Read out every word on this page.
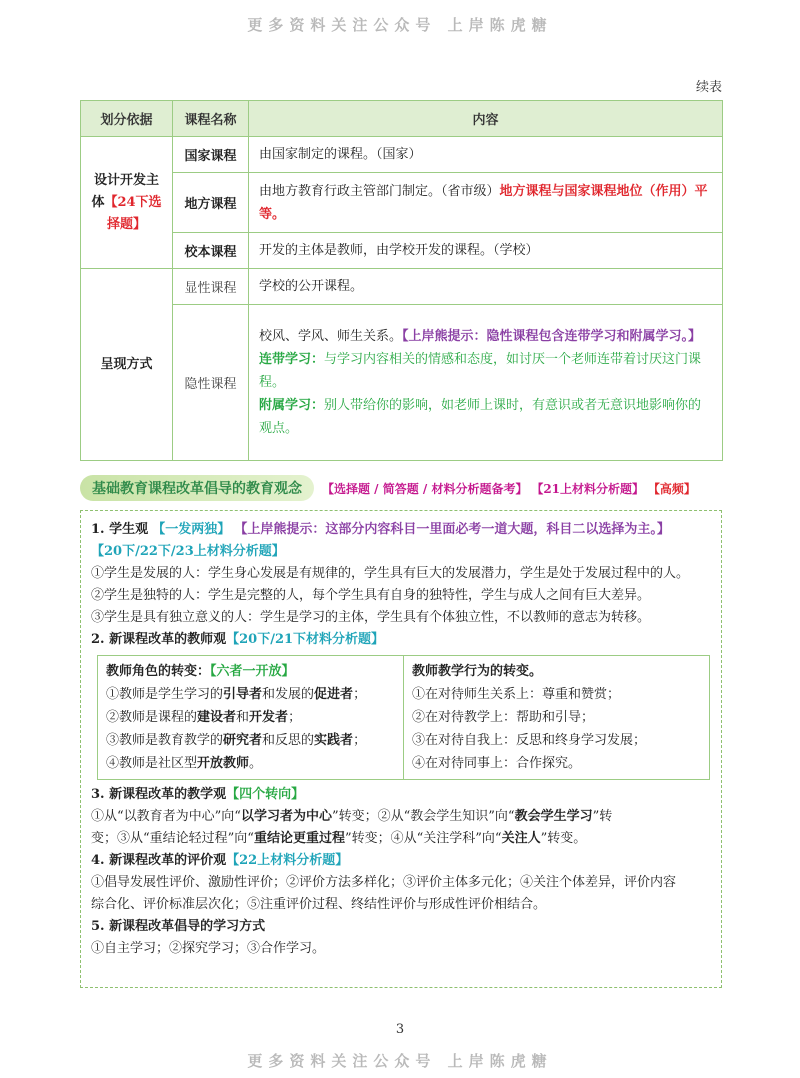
更多资料关注公众号 上岸陈虎糖
续表
划分依据	课程名称	内容
设计开发主体【24下选择题】	国家课程	由国家制定的课程。（国家）
	地方课程	由地方教育行政主管部门制定。（省市级）地方课程与国家课程地位（作用）平等。
	校本课程	开发的主体是教师，由学校开发的课程。（学校）
呈现方式	显性课程	学校的公开课程。
	隐性课程	校风、学风、师生关系。【上岸熊提示：隐性课程包含连带学习和附属学习。】
连带学习：与学习内容相关的情感和态度，如讨厌一个老师连带着讨厌这门课程。
附属学习：别人带给你的影响，如老师上课时，有意识或者无意识地影响你的观点。
基础教育课程改革倡导的教育观念	【选择题 / 简答题 / 材料分析题备考】 【21上材料分析题】 【高频】
1. 学生观 【一发两独】 【上岸熊提示：这部分内容科目一里面必考一道大题，科目二以选择为主。】
【20下/22下/23上材料分析题】
①学生是发展的人：学生身心发展是有规律的，学生具有巨大的发展潜力，学生是处于发展过程中的人。
②学生是独特的人：学生是完整的人，每个学生具有自身的独特性，学生与成人之间有巨大差异。
③学生是具有独立意义的人：学生是学习的主体，学生具有个体独立性，不以教师的意志为转移。
2. 新课程改革的教师观【20下/21下材料分析题】
教师角色的转变：【六者一开放】
①教师是学生学习的引导者和发展的促进者；
②教师是课程的建设者和开发者；
③教师是教育教学的研究者和反思的实践者；
④教师是社区型开放教师。

教师教学行为的转变。
①在对待师生关系上：尊重和赞赏；
②在对待教学上：帮助和引导；
③在对待自我上：反思和终身学习发展；
④在对待同事上：合作探究。
3. 新课程改革的教学观【四个转向】
①从“以教育者为中心”向“以学习者为中心”转变；②从“教会学生知识”向“教会学生学习”转
变；③从“重结论轻过程”向“重结论更重过程”转变；④从“关注学科”向“关注人”转变。
4. 新课程改革的评价观【22上材料分析题】
①倡导发展性评价、激励性评价；②评价方法多样化；③评价主体多元化；④关注个体差异，评价内容
综合化、评价标准层次化；⑤注重评价过程、终结性评价与形成性评价相结合。
5. 新课程改革倡导的学习方式
①自主学习；②探究学习；③合作学习。
3
更多资料关注公众号 上岸陈虎糖
